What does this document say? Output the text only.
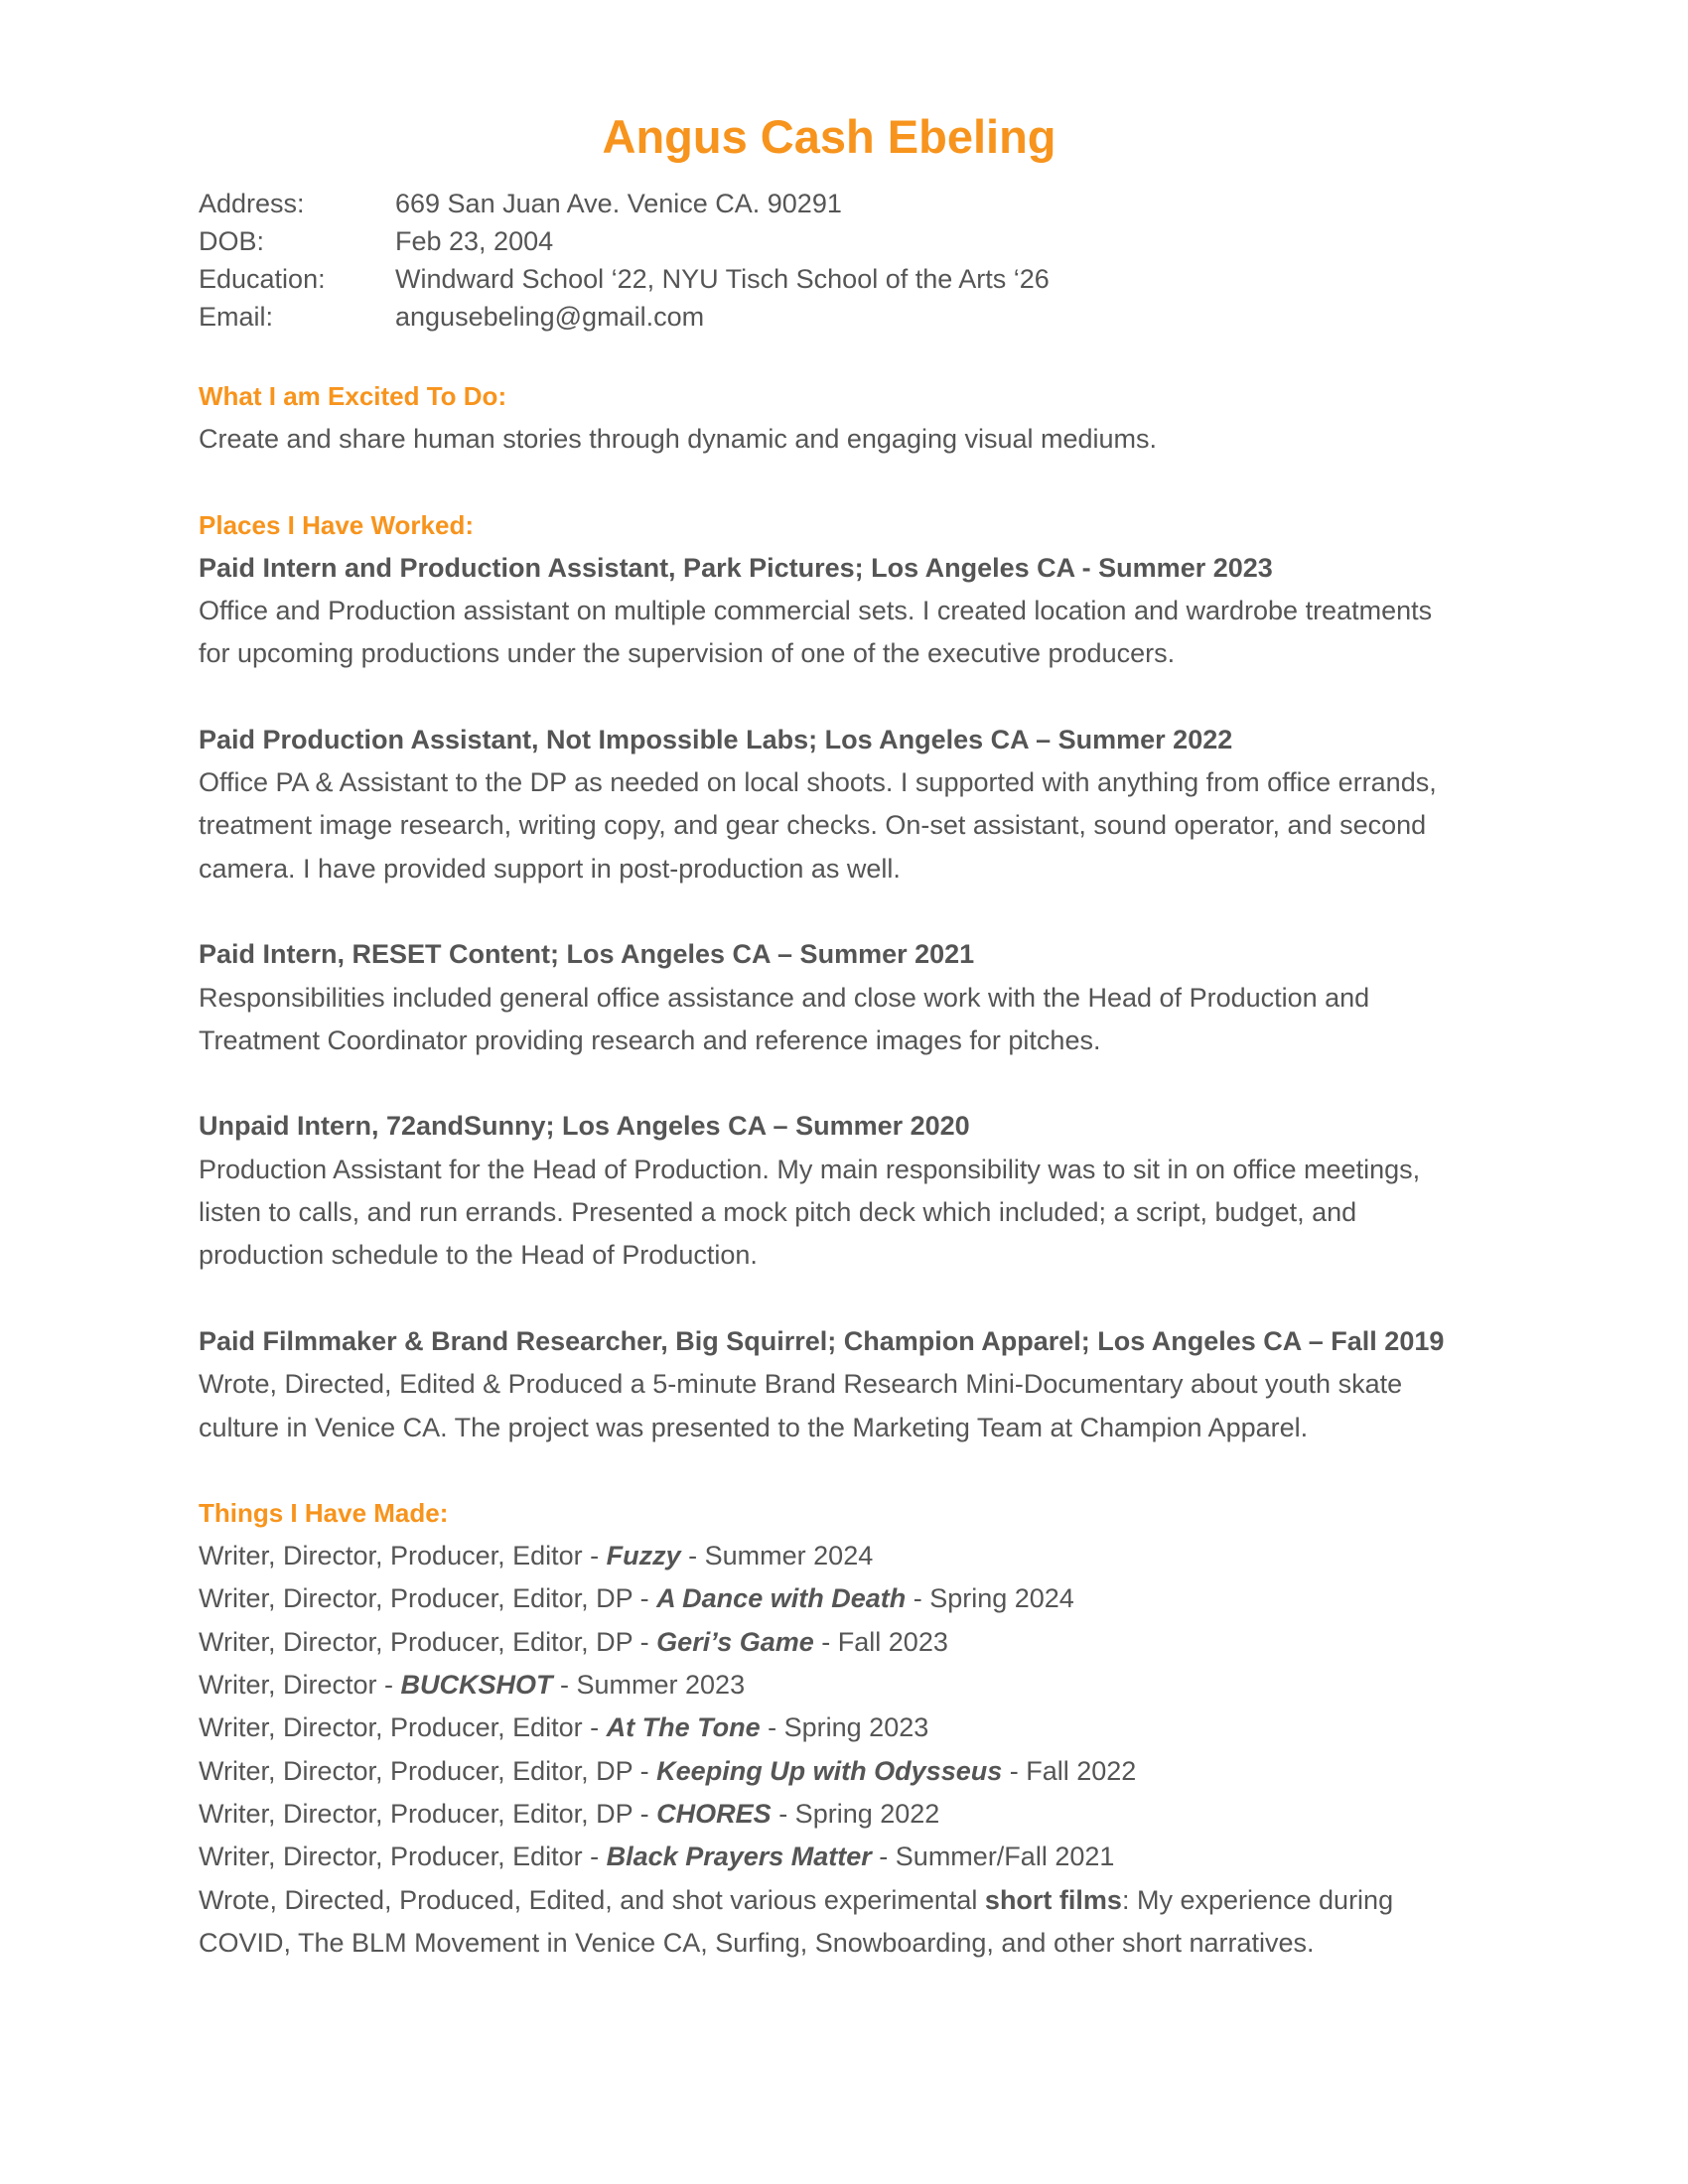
Angus Cash Ebeling
Address:	669 San Juan Ave. Venice CA. 90291
DOB:	Feb 23, 2004
Education:	Windward School ‘22, NYU Tisch School of the Arts ‘26
Email:	angusebeling@gmail.com
What I am Excited To Do:

Create and share human stories through dynamic and engaging visual mediums.

Places I Have Worked:

Paid Intern and Production Assistant, Park Pictures; Los Angeles CA - Summer 2023

Office and Production assistant on multiple commercial sets. I created location and wardrobe treatments for upcoming productions under the supervision of one of the executive producers.

Paid Production Assistant, Not Impossible Labs; Los Angeles CA – Summer 2022

Office PA & Assistant to the DP as needed on local shoots. I supported with anything from office errands, treatment image research, writing copy, and gear checks. On-set assistant, sound operator, and second camera. I have provided support in post-production as well.

Paid Intern, RESET Content; Los Angeles CA – Summer 2021

Responsibilities included general office assistance and close work with the Head of Production and Treatment Coordinator providing research and reference images for pitches.

Unpaid Intern, 72andSunny; Los Angeles CA – Summer 2020

Production Assistant for the Head of Production. My main responsibility was to sit in on office meetings, listen to calls, and run errands. Presented a mock pitch deck which included; a script, budget, and production schedule to the Head of Production.

Paid Filmmaker & Brand Researcher, Big Squirrel; Champion Apparel; Los Angeles CA – Fall 2019

Wrote, Directed, Edited & Produced a 5-minute Brand Research Mini-Documentary about youth skate culture in Venice CA. The project was presented to the Marketing Team at Champion Apparel.

Things I Have Made:

Writer, Director, Producer, Editor - Fuzzy - Summer 2024

Writer, Director, Producer, Editor, DP - A Dance with Death - Spring 2024

Writer, Director, Producer, Editor, DP - Geri’s Game - Fall 2023

Writer, Director - BUCKSHOT - Summer 2023

Writer, Director, Producer, Editor - At The Tone - Spring 2023

Writer, Director, Producer, Editor, DP - Keeping Up with Odysseus - Fall 2022

Writer, Director, Producer, Editor, DP - CHORES - Spring 2022

Writer, Director, Producer, Editor - Black Prayers Matter - Summer/Fall 2021

Wrote, Directed, Produced, Edited, and shot various experimental short films: My experience during COVID, The BLM Movement in Venice CA, Surfing, Snowboarding, and other short narratives.
